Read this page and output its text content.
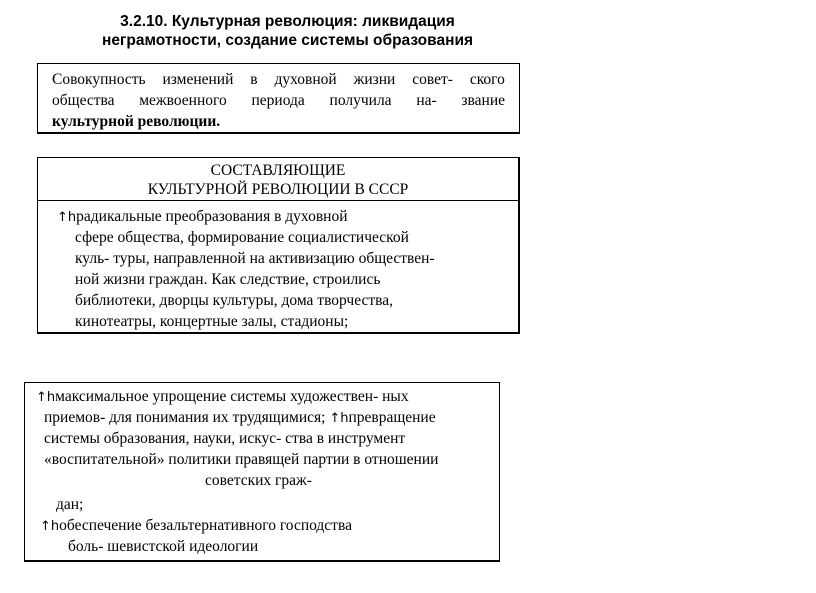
3.2.10. Культурная революция: ликвидация
неграмотности, создание системы образования
Совокупность изменений в духовной жизни совет- ского
общества межвоенного периода получила на- звание
культурной революции.
СОСТАВЛЯЮЩИЕ
КУЛЬТУРНОЙ РЕВОЛЮЦИИ В СССР
↑hрадикальные преобразования в духовной
сфере общества, формирование социалистической
куль- туры, направленной на активизацию обществен-
ной жизни граждан. Как следствие, строились
библиотеки, дворцы культуры, дома творчества,
кинотеатры, концертные залы, стадионы;
↑hмаксимальное упрощение системы художествен- ных
приемов- для понимания их трудящимися; ↑hпревращение
системы образования, науки, искус- ства в инструмент
«воспитательной» политики правящей партии в отношении
советских граж-
дан;
↑hобеспечение безальтернативного господства
боль- шевистской идеологии
